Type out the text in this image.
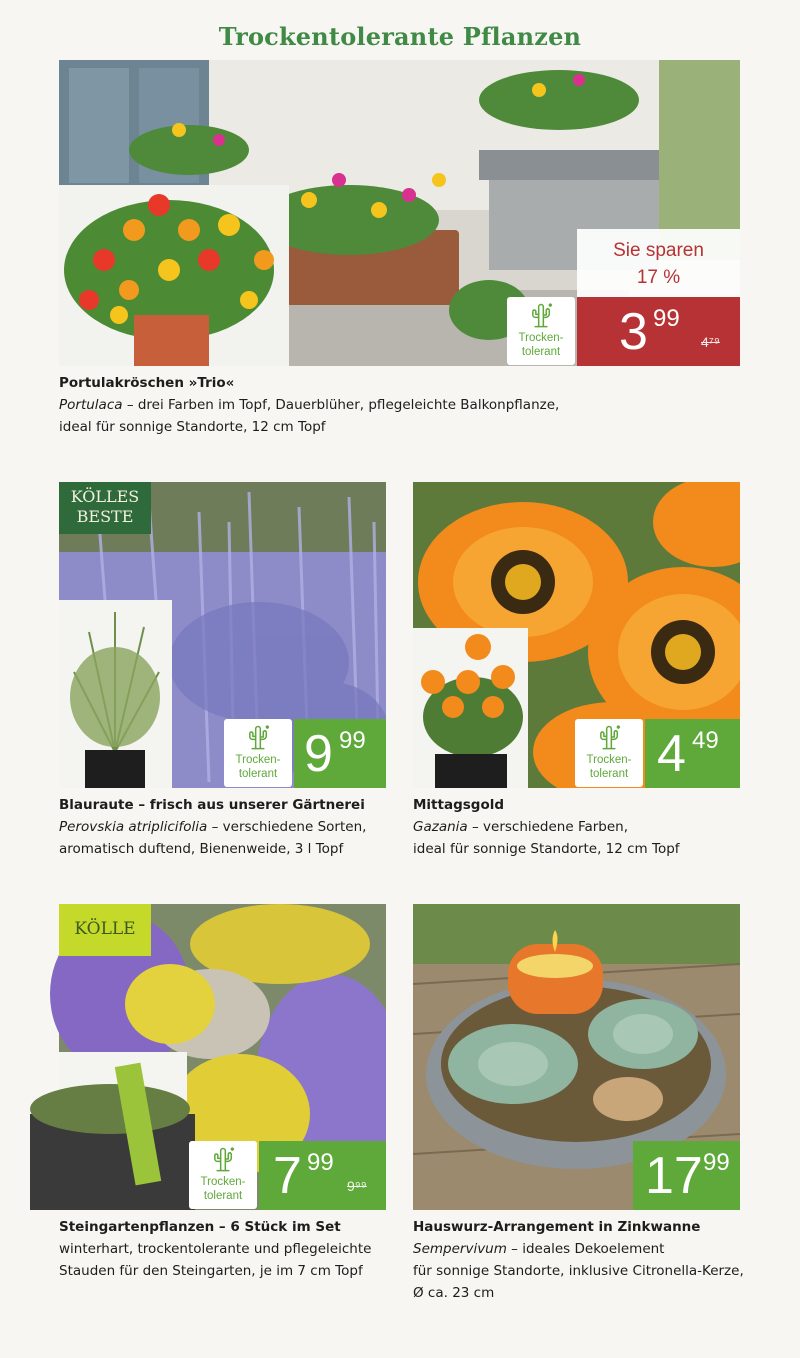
Trockentolerante Pflanzen
Sie sparen
17 %
3 99
4⁷⁹
Trocken-
tolerant
Portulakröschen »Trio«
Portulaca – drei Farben im Topf, Dauerblüher, pflegeleichte Balkonpflanze,
ideal für sonnige Standorte, 12 cm Topf
KÖLLES
BESTE
Trocken-
tolerant 9 99
Blauraute – frisch aus unserer Gärtnerei
Perovskia atriplicifolia – verschiedene Sorten,
aromatisch duftend, Bienenweide, 3 l Topf
Trocken-
tolerant 4 49
Mittagsgold
Gazania – verschiedene Farben,
ideal für sonnige Standorte, 12 cm Topf
KÖLLE
Trocken-
tolerant 7 99
9⁹⁹
Steingartenpflanzen – 6 Stück im Set
winterhart, trockentolerante und pflegeleichte
Stauden für den Steingarten, je im 7 cm Topf
17 99
Hauswurz-Arrangement in Zinkwanne
Sempervivum – ideales Dekoelement
für sonnige Standorte, inklusive Citronella-Kerze,
Ø ca. 23 cm
